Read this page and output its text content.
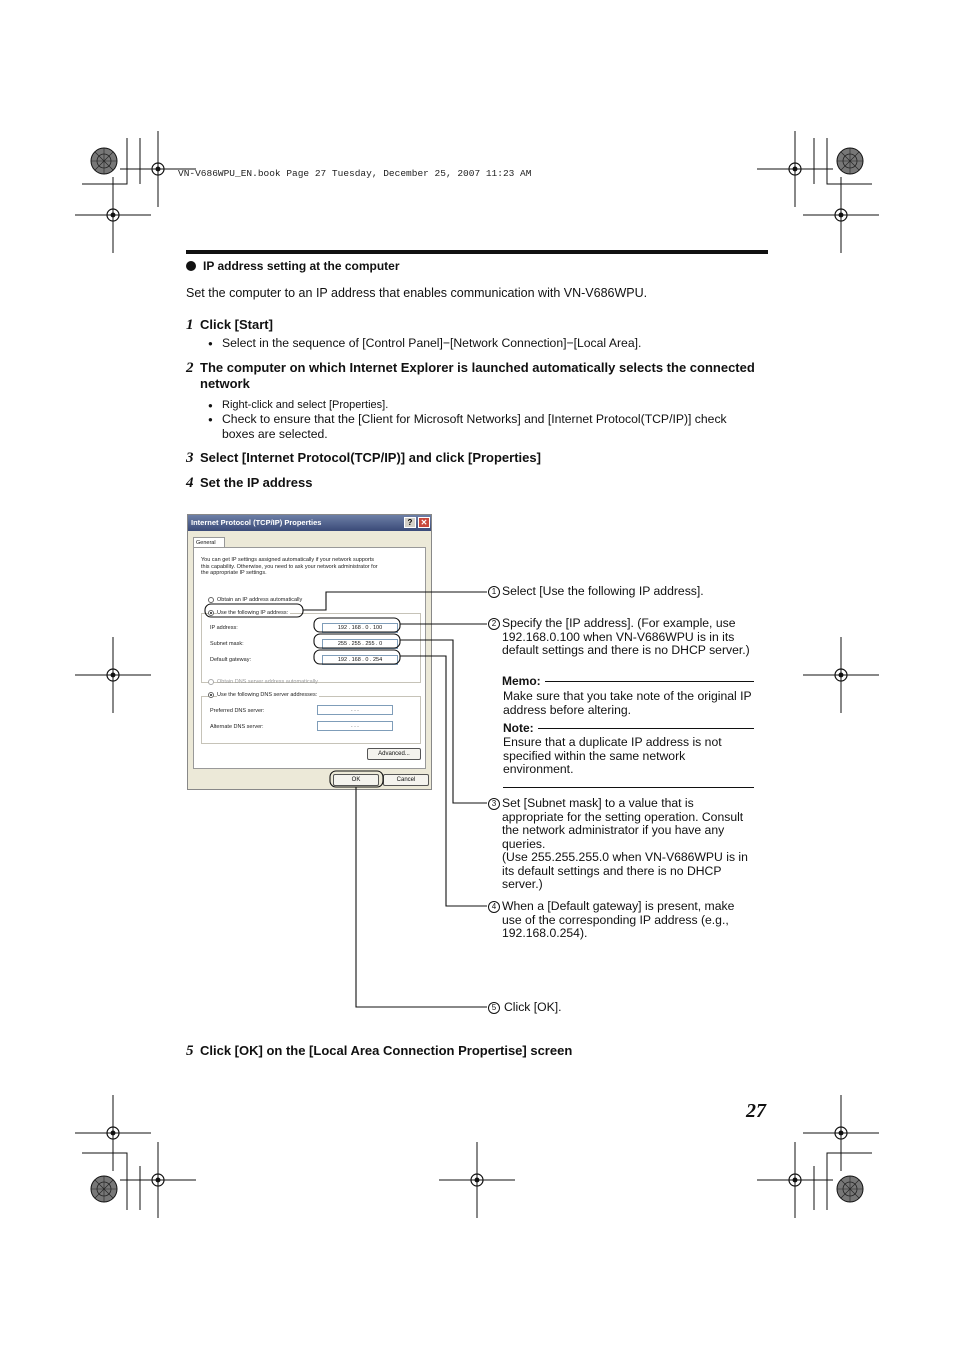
VN-V686WPU_EN.book Page 27 Tuesday, December 25, 2007 11:23 AM
IP address setting at the computer
Set the computer to an IP address that enables communication with VN-V686WPU.
1 Click [Start]
● Select in the sequence of [Control Panel]−[Network Connection]−[Local Area].
2 The computer on which Internet Explorer is launched automatically selects the connected network
● Right-click and select [Properties].
● Check to ensure that the [Client for Microsoft Networks] and [Internet Protocol(TCP/IP)] check boxes are selected.
3 Select [Internet Protocol(TCP/IP)] and click [Properties]
4 Set the IP address
Internet Protocol (TCP/IP) Properties	?	✕
General
You can get IP settings assigned automatically if your network supports
this capability. Otherwise, you need to ask your network administrator for
the appropriate IP settings.
Obtain an IP address automatically
Use the following IP address:
IP address:	192 . 168 . 0 . 100
Subnet mask:	255 . 255 . 255 . 0
Default gateway:	192 . 168 . 0 . 254
Obtain DNS server address automatically
Use the following DNS server addresses:
Preferred DNS server:	. . .
Alternate DNS server:	. . .
Advanced...
OK	Cancel
1 Select [Use the following IP address].
2 Specify the [IP address]. (For example, use 192.168.0.100 when VN-V686WPU is in its default settings and there is no DHCP server.)
Memo:
Make sure that you take note of the original IP address before altering.
Note:
Ensure that a duplicate IP address is not specified within the same network environment.
3 Set [Subnet mask] to a value that is appropriate for the setting operation. Consult the network administrator if you have any queries.
(Use 255.255.255.0 when VN-V686WPU is in its default settings and there is no DHCP server.)
4 When a [Default gateway] is present, make use of the corresponding IP address (e.g., 192.168.0.254).
5 Click [OK].
5 Click [OK] on the [Local Area Connection Propertise] screen
27
